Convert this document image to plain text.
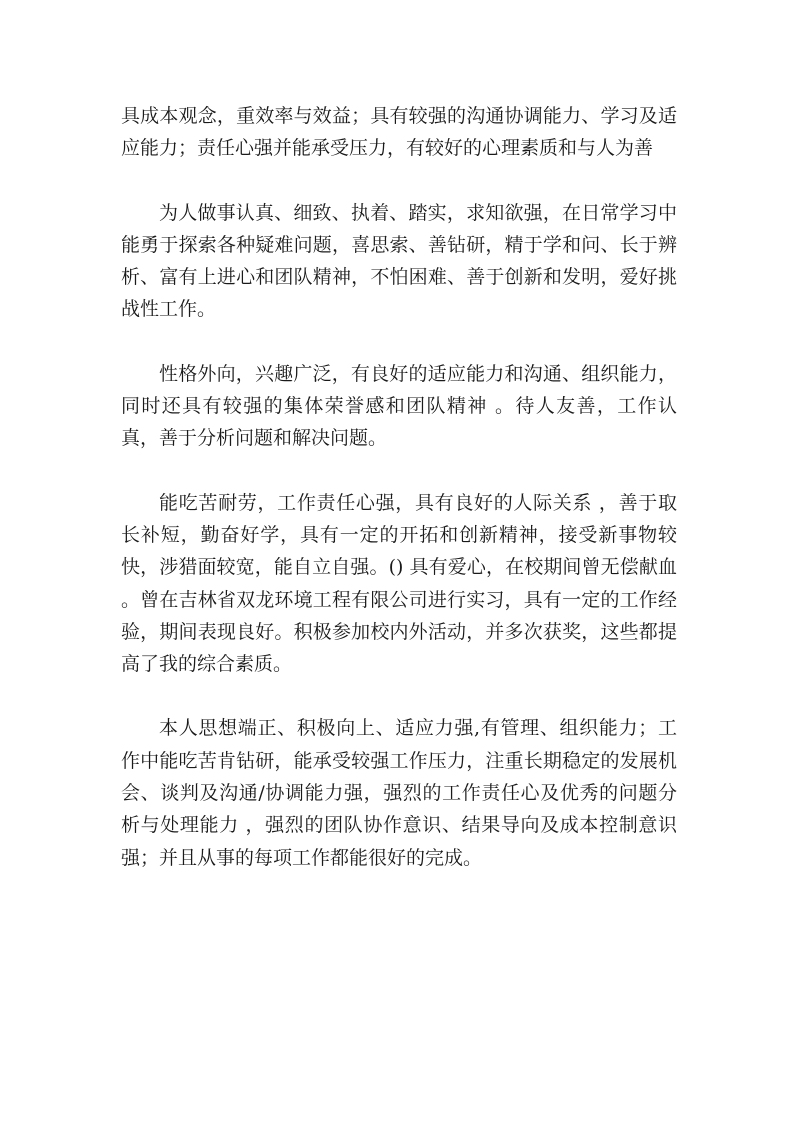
具成本观念，重效率与效益；具有较强的沟通协调能力、学习及适应能力；责任心强并能承受压力，有较好的心理素质和与人为善

为人做事认真、细致、执着、踏实，求知欲强，在日常学习中能勇于探索各种疑难问题，喜思索、善钻研，精于学和问、长于辨析、富有上进心和团队精神，不怕困难、善于创新和发明，爱好挑战性工作。

性格外向，兴趣广泛，有良好的适应能力和沟通、组织能力，同时还具有较强的集体荣誉感和团队精神 。待人友善，工作认真，善于分析问题和解决问题。

能吃苦耐劳，工作责任心强，具有良好的人际关系 ，善于取长补短，勤奋好学，具有一定的开拓和创新精神，接受新事物较快，涉猎面较宽，能自立自强。() 具有爱心，在校期间曾无偿献血 。曾在吉林省双龙环境工程有限公司进行实习，具有一定的工作经验，期间表现良好。积极参加校内外活动，并多次获奖，这些都提高了我的综合素质。

本人思想端正、积极向上、适应力强,有管理、组织能力；工作中能吃苦肯钻研，能承受较强工作压力，注重长期稳定的发展机会、谈判及沟通/协调能力强，强烈的工作责任心及优秀的问题分析与处理能力 ，强烈的团队协作意识、结果导向及成本控制意识强；并且从事的每项工作都能很好的完成。
